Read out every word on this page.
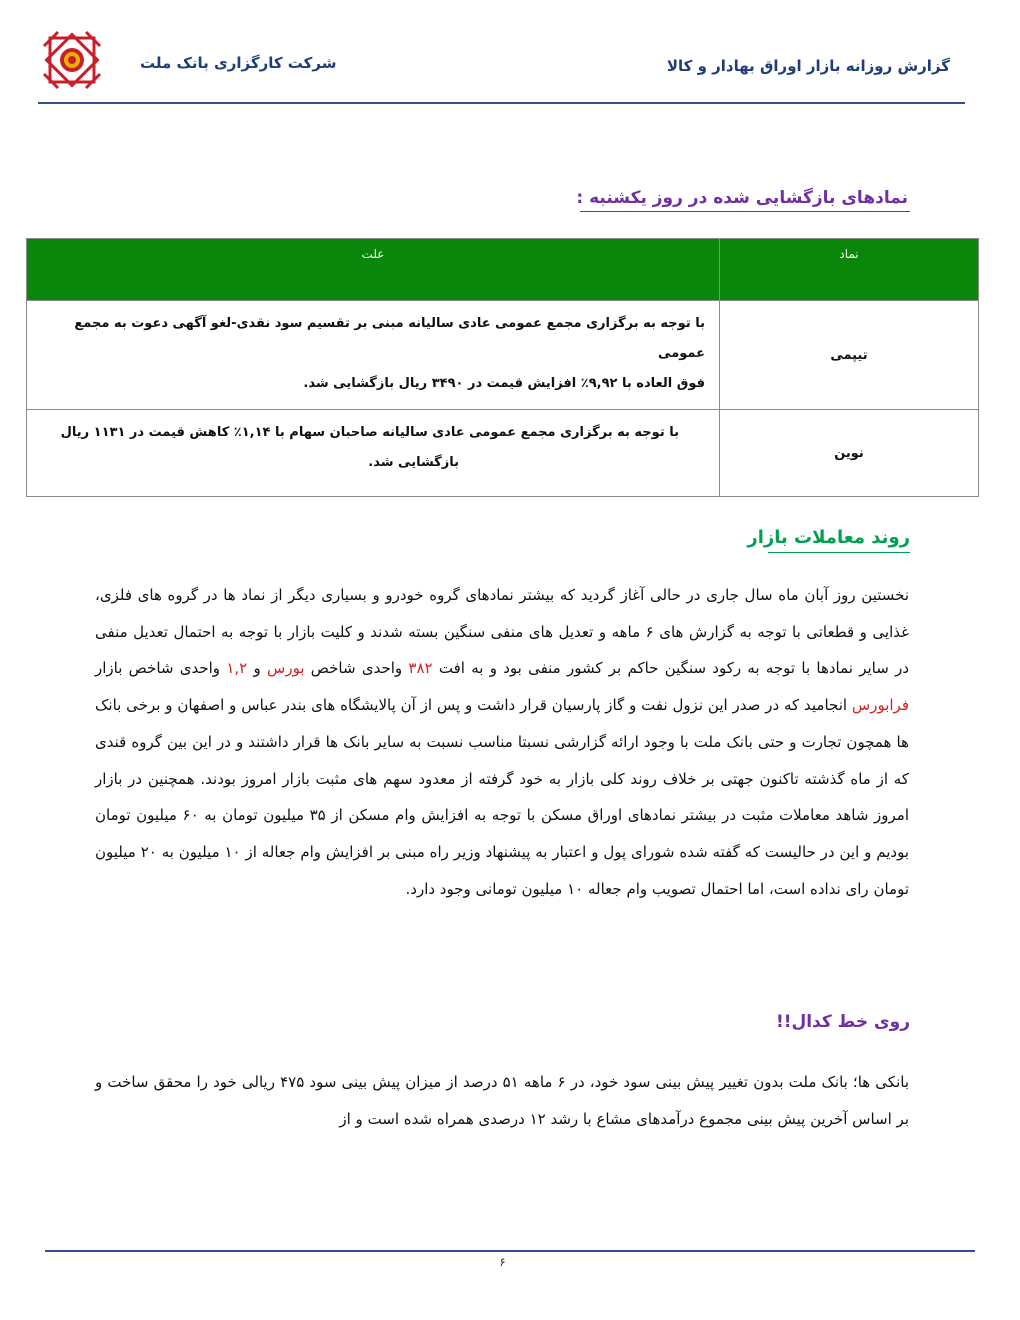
گزارش روزانه بازار اوراق بهادار و کالا
شرکت کارگزاری بانک ملت
نمادهای بازگشایی شده در روز یکشنبه :
نماد	علت
تیپمی	با توجه به برگزاری مجمع عمومی عادی سالیانه مبنی بر تقسیم سود نقدی-لغو آگهی دعوت به مجمع عمومی
فوق العاده با ۹,۹۲٪ افزایش قیمت در ۳۴۹۰ ریال بازگشایی شد.

نوین	با توجه به برگزاری مجمع عمومی عادی سالیانه صاحبان سهام با ۱,۱۴٪ کاهش قیمت در ۱۱۳۱ ریال
بازگشایی شد.
روند معاملات بازار
نخستین روز آبان ماه سال جاری در حالی آغاز گردید که بیشتر نمادهای گروه خودرو و بسیاری دیگر از نماد ها در گروه های فلزی، غذایی و قطعاتی با توجه به گزارش های ۶ ماهه و تعدیل های منفی سنگین بسته شدند و کلیت بازار با توجه به احتمال تعدیل منفی در سایر نمادها با توجه به رکود سنگین حاکم بر کشور منفی بود و به افت ۳۸۲ واحدی شاخص بورس و ۱,۲ واحدی شاخص بازار فرابورس انجامید که در صدر این نزول نفت و گاز پارسیان قرار داشت و پس از آن پالایشگاه های بندر عباس و اصفهان و برخی بانک ها همچون تجارت و حتی بانک ملت با وجود ارائه گزارشی نسبتا مناسب نسبت به سایر بانک ها قرار داشتند و در این بین گروه قندی که از ماه گذشته تاکنون جهتی بر خلاف روند کلی بازار به خود گرفته از معدود سهم های مثبت بازار امروز بودند. همچنین در بازار امروز شاهد معاملات مثبت در بیشتر نمادهای اوراق مسکن با توجه به افزایش وام مسکن از ۳۵ میلیون تومان به ۶۰ میلیون تومان بودیم و این در حالیست که گفته شده شورای پول و اعتبار به پیشنهاد وزیر راه مبنی بر افزایش وام جعاله از ۱۰ میلیون به ۲۰ میلیون تومان رای نداده است، اما احتمال تصویب وام جعاله ۱۰ میلیون تومانی وجود دارد.
روی خط کدال!!
بانکی ها؛ بانک ملت بدون تغییر پیش بینی سود خود، در ۶ ماهه ۵۱ درصد از میزان پیش بینی سود ۴۷۵ ریالی خود را محقق ساخت و بر اساس آخرین پیش بینی مجموع درآمدهای مشاع با رشد ۱۲ درصدی همراه شده است و از
۶
